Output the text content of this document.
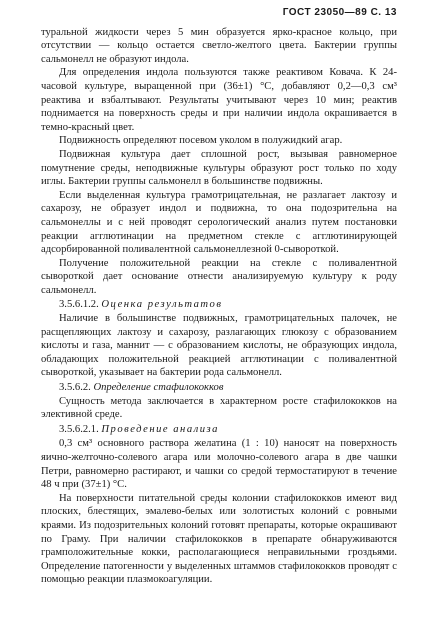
ГОСТ 23050—89 С. 13

туральной жидкости через 5 мин образуется ярко-красное кольцо, при отсутствии — кольцо остается светло-желтого цвета. Бактерии группы сальмонелл не образуют индола.

Для определения индола пользуются также реактивом Ковача. К 24-часовой культуре, выращенной при (36±1) °С, добавляют 0,2—0,3 см³ реактива и взбалтывают. Результаты учитывают через 10 мин; реактив поднимается на поверхность среды и при наличии индола окрашивается в темно-красный цвет.

Подвижность определяют посевом уколом в полужидкий агар.

Подвижная культура дает сплошной рост, вызывая равномерное помутнение среды, неподвижные культуры образуют рост только по ходу иглы. Бактерии группы сальмонелл в большинстве подвижны.

Если выделенная культура грамотрицательная, не разлагает лактозу и сахарозу, не образует индол и подвижна, то она подозрительна на сальмонеллы и с ней проводят серологический анализ путем постановки реакции агглютинации на предметном стекле с агглютинирующей адсорбированной поливалентной сальмонеллезной 0-сывороткой.

Получение положительной реакции на стекле с поливалентной сывороткой дает основание отнести анализируемую культуру к роду сальмонелл.

3.5.6.1.2. Оценка результатов

Наличие в большинстве подвижных, грамотрицательных палочек, не расщепляющих лактозу и сахарозу, разлагающих глюкозу с образованием кислоты и газа, маннит — с образованием кислоты, не образующих индола, обладающих положительной реакцией агглютинации с поливалентной сывороткой, указывает на бактерии рода сальмонелл.

3.5.6.2. Определение стафилококков

Сущность метода заключается в характерном росте стафилококков на элективной среде.

3.5.6.2.1. Проведение анализа

0,3 см³ основного раствора желатина (1 : 10) наносят на поверхность яично-желточно-солевого агара или молочно-солевого агара в две чашки Петри, равномерно растирают, и чашки со средой термостатируют в течение 48 ч при (37±1) °С.

На поверхности питательной среды колонии стафилококков имеют вид плоских, блестящих, эмалево-белых или золотистых колоний с ровными краями. Из подозрительных колоний готовят препараты, которые окрашивают по Граму. При наличии стафилококков в препарате обнаруживаются грамположительные кокки, располагающиеся неправильными гроздьями. Определение патогенности у выделенных штаммов стафилококков проводят с помощью реакции плазмокоагуляции.
